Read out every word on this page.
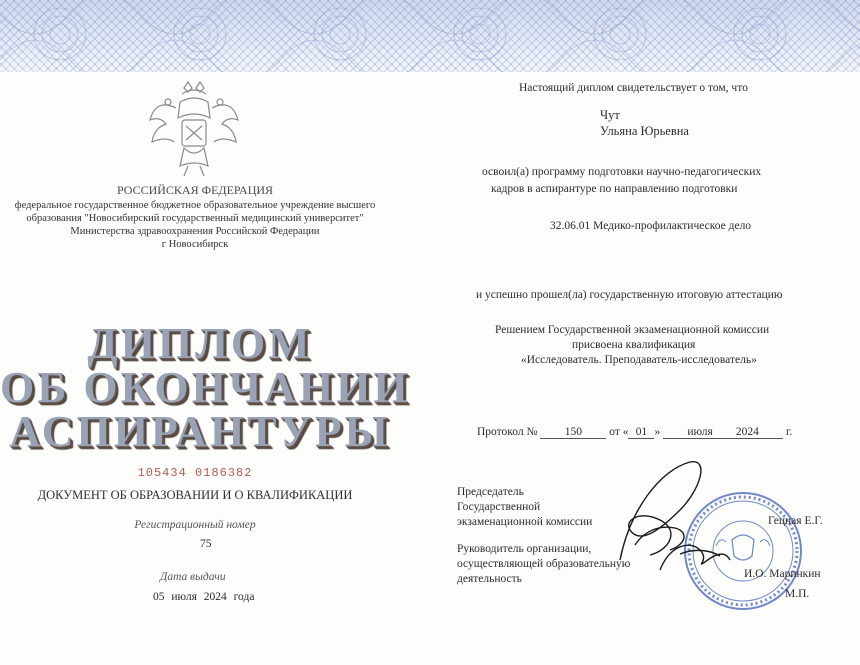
РОССИЙСКАЯ ФЕДЕРАЦИЯ
федеральное государственное бюджетное образовательное учреждение высшего
образования "Новосибирский государственный медицинский университет"
Министерства здравоохранения Российской Федерации
г Новосибирск
ДИПЛОМ
ОБ ОКОНЧАНИИ
АСПИРАНТУРЫ
105434 0186382
ДОКУМЕНТ ОБ ОБРАЗОВАНИИ И О КВАЛИФИКАЦИИ
Регистрационный номер
75
Дата выдачи
05 июля 2024 года
Настоящий диплом свидетельствует о том, что
Чут
Ульяна Юрьевна
освоил(а) программу подготовки научно-педагогических
кадров в аспирантуре по направлению подготовки
32.06.01 Медико-профилактическое дело
и успешно прошел(ла) государственную итоговую аттестацию
Решением Государственной экзаменационной комиссии
присвоена квалификация
«Исследователь. Преподаватель-исследователь»
Протокол № 150 от « 01 » июля 2024 г.
Председатель
Государственной
экзаменационной комиссии
Руководитель организации,
осуществляющей образовательную
деятельность
Гецная Е.Г.
И.О. Маринкин
М.П.
